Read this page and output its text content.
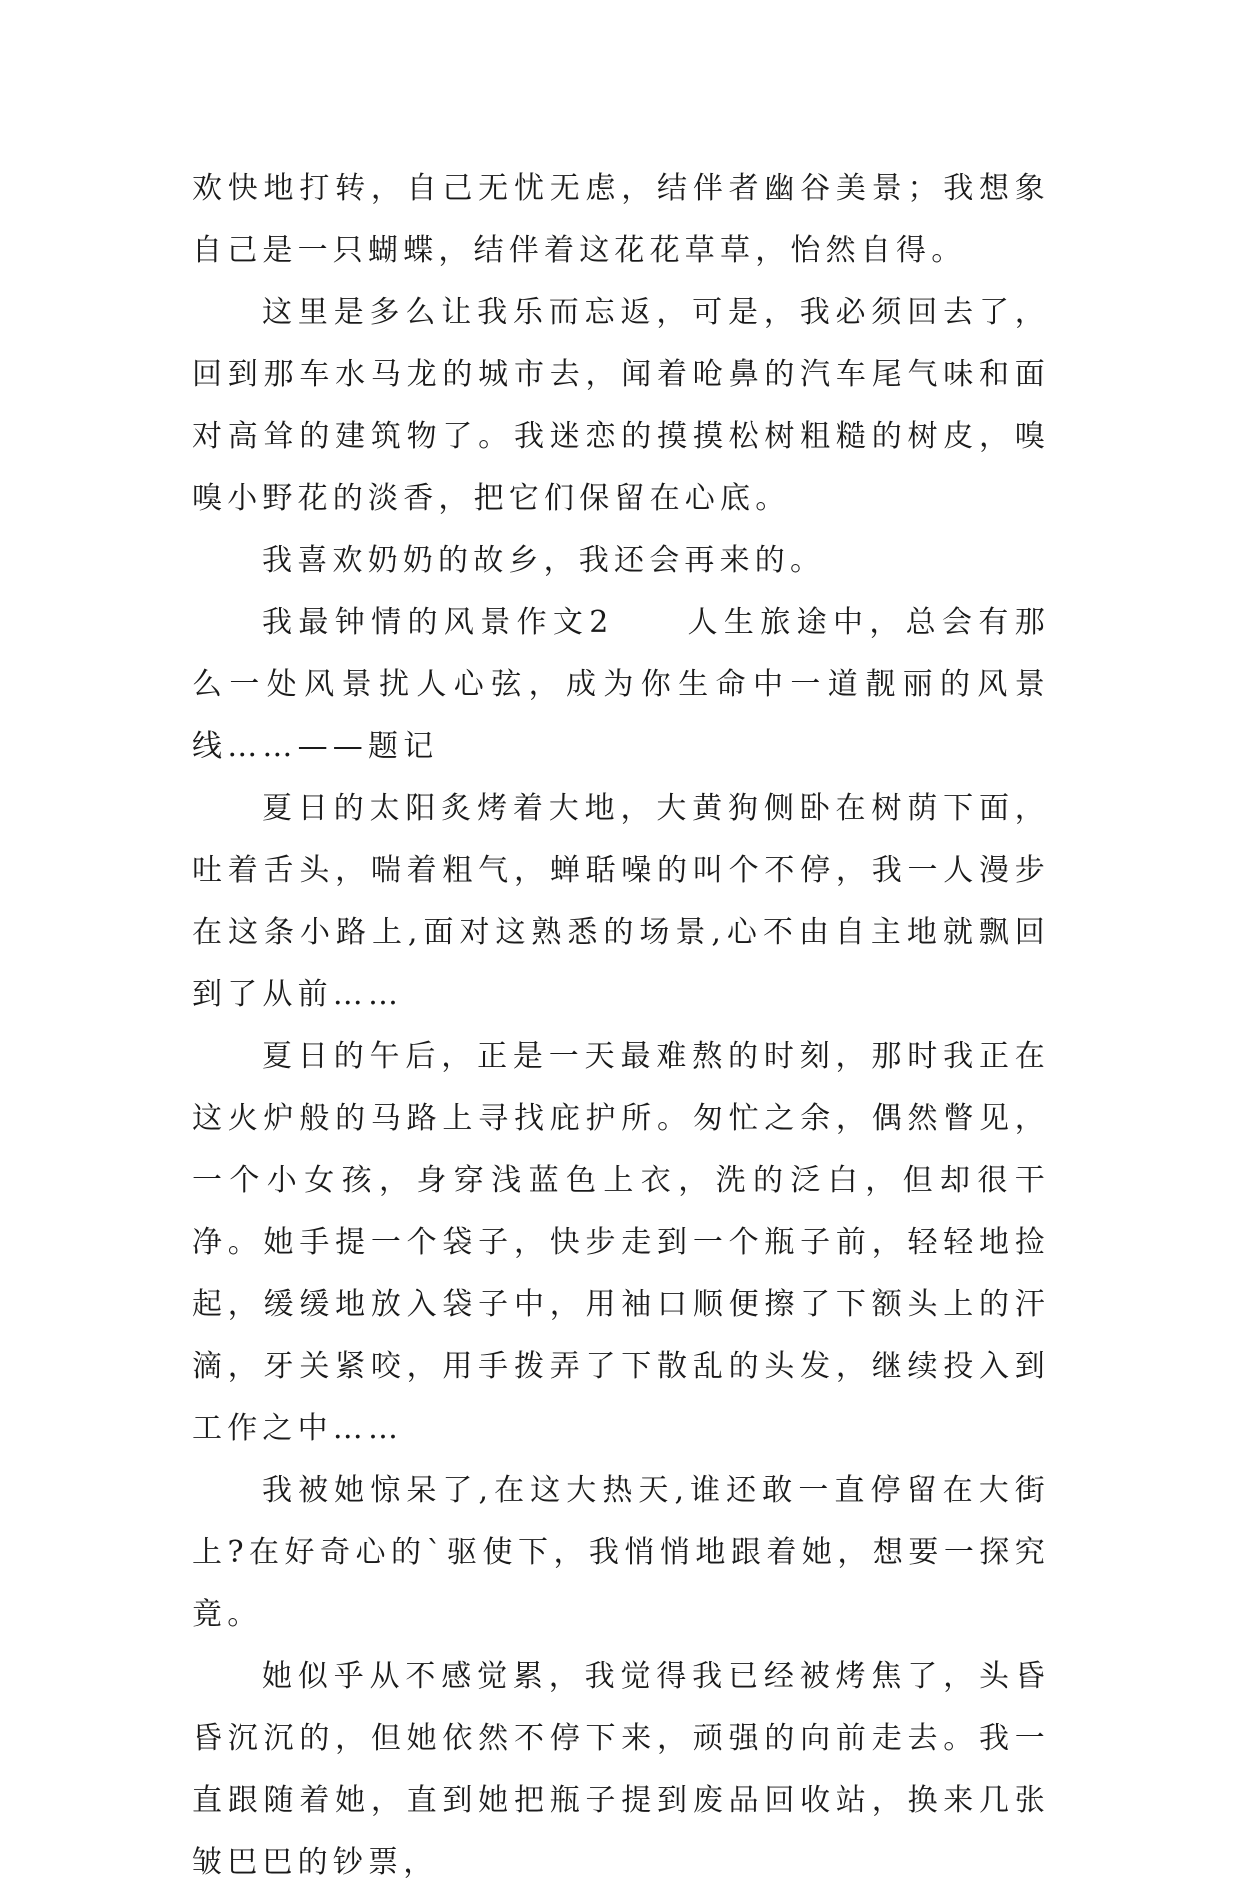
欢快地打转，自己无忧无虑，结伴者幽谷美景；我想象自己是一只蝴蝶，结伴着这花花草草，怡然自得。

这里是多么让我乐而忘返，可是，我必须回去了，回到那车水马龙的城市去，闻着呛鼻的汽车尾气味和面对高耸的建筑物了。我迷恋的摸摸松树粗糙的树皮，嗅嗅小野花的淡香，把它们保留在心底。

我喜欢奶奶的故乡，我还会再来的。

我最钟情的风景作文2　　人生旅途中，总会有那么一处风景扰人心弦，成为你生命中一道靓丽的风景线……——题记

夏日的太阳炙烤着大地，大黄狗侧卧在树荫下面，吐着舌头，喘着粗气，蝉聒噪的叫个不停，我一人漫步在这条小路上,面对这熟悉的场景,心不由自主地就飘回到了从前……

夏日的午后，正是一天最难熬的时刻，那时我正在这火炉般的马路上寻找庇护所。匆忙之余，偶然瞥见，一个小女孩，身穿浅蓝色上衣，洗的泛白，但却很干净。她手提一个袋子，快步走到一个瓶子前，轻轻地捡起，缓缓地放入袋子中，用袖口顺便擦了下额头上的汗滴，牙关紧咬，用手拨弄了下散乱的头发，继续投入到工作之中……

我被她惊呆了,在这大热天,谁还敢一直停留在大街上?在好奇心的`驱使下，我悄悄地跟着她，想要一探究竟。

她似乎从不感觉累，我觉得我已经被烤焦了，头昏昏沉沉的，但她依然不停下来，顽强的向前走去。我一直跟随着她，直到她把瓶子提到废品回收站，换来几张皱巴巴的钞票，
